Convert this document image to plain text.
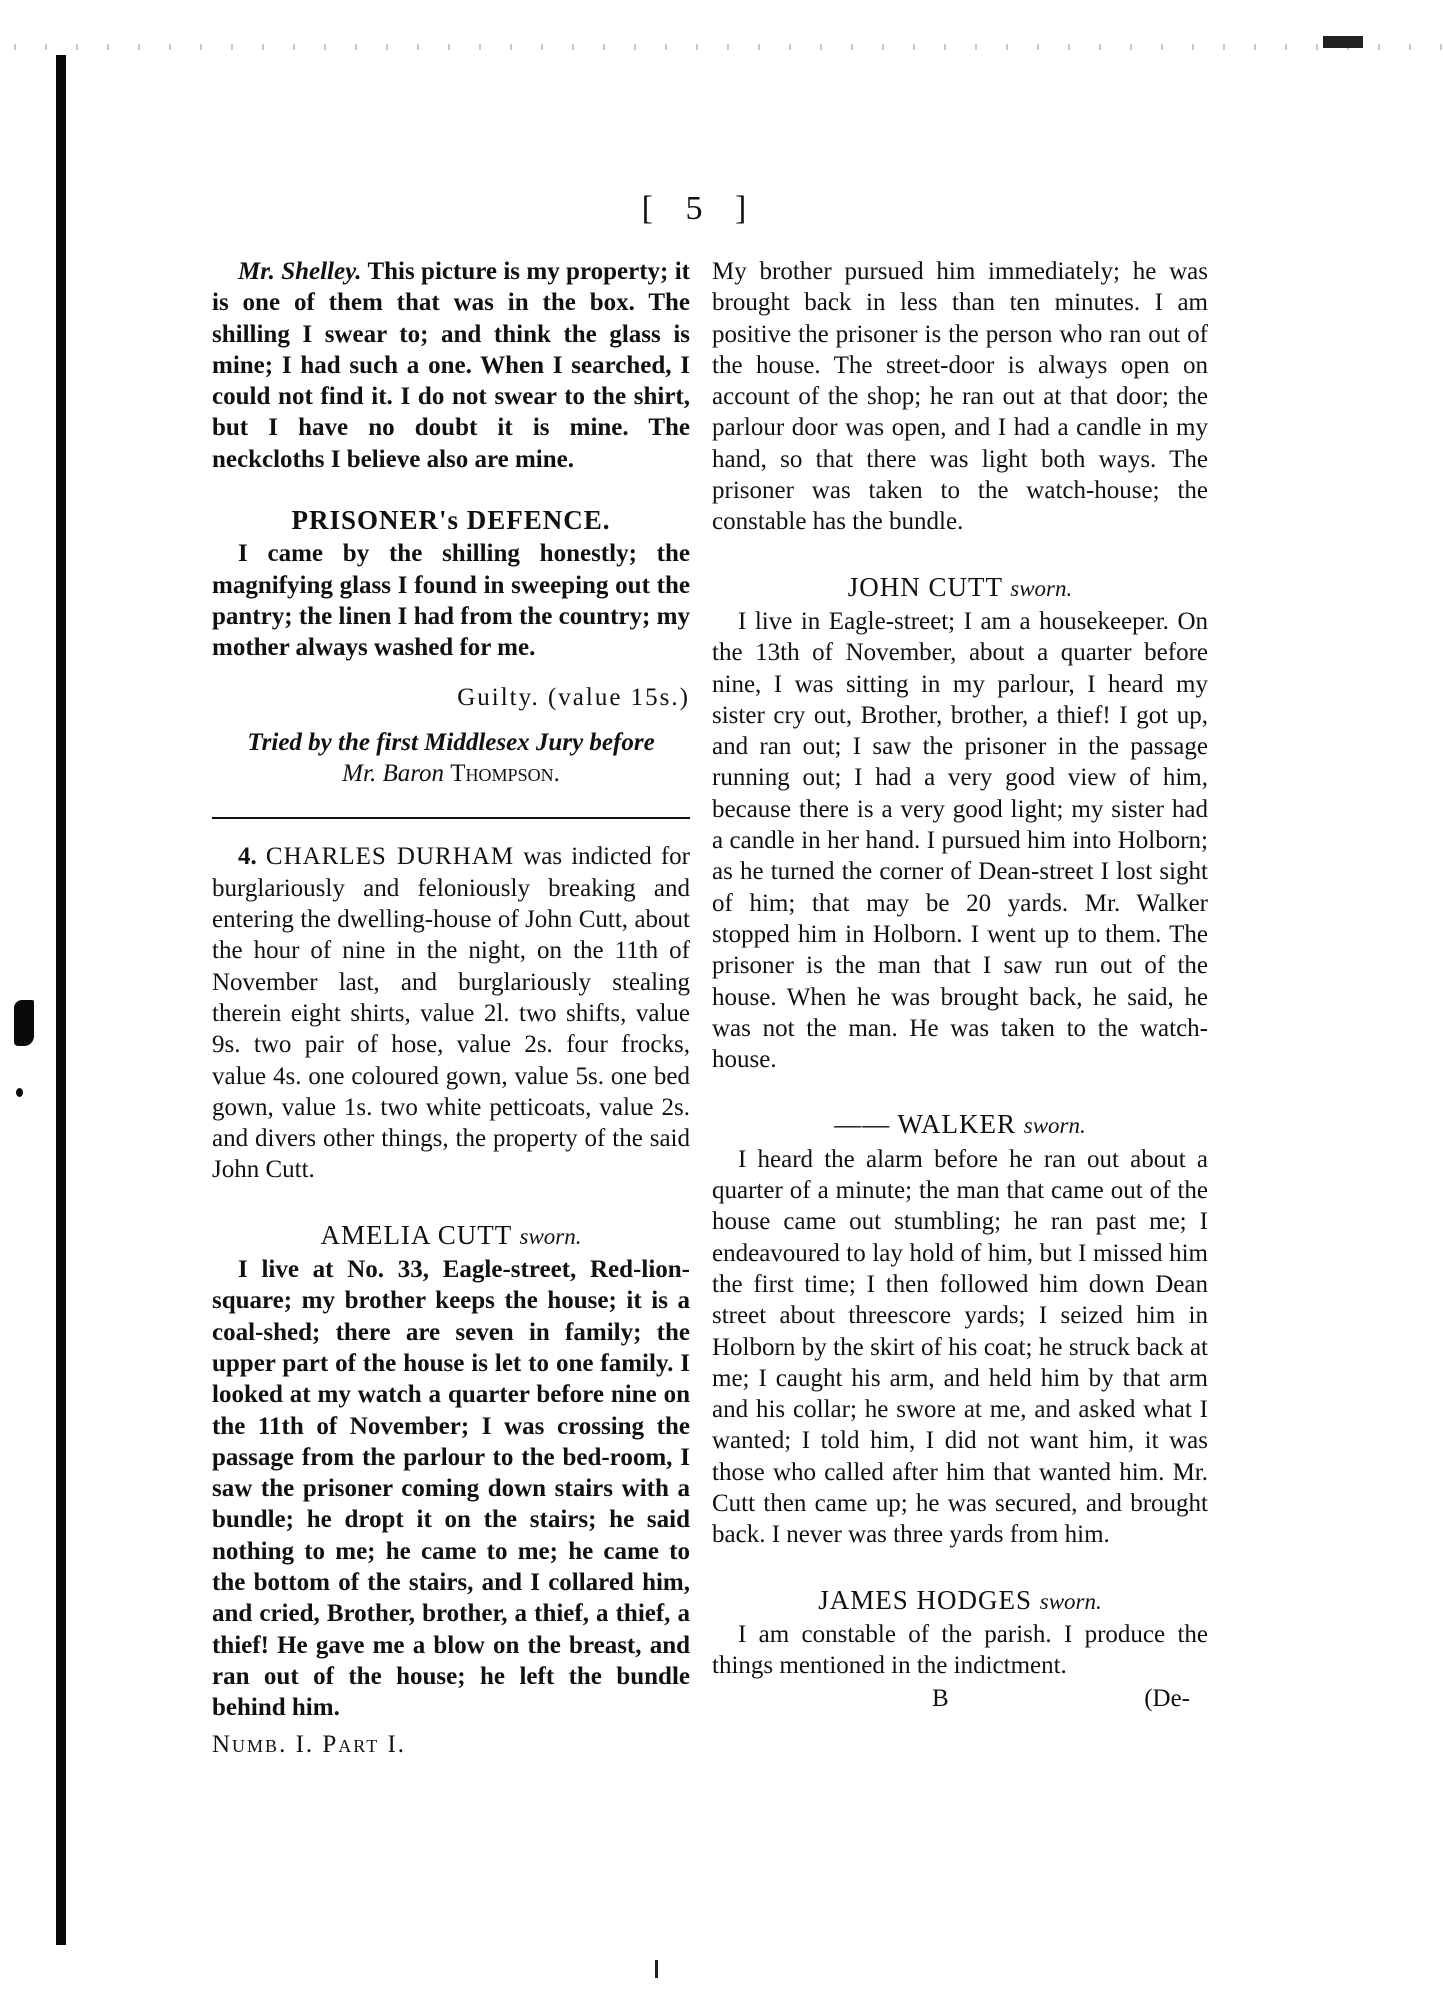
[ 5 ]

Mr. Shelley. This picture is my property; it is one of them that was in the box. The shilling I swear to; and think the glass is mine; I had such a one. When I searched, I could not find it. I do not swear to the shirt, but I have no doubt it is mine. The neckcloths I believe also are mine.

PRISONER's DEFENCE.

I came by the shilling honestly; the magnifying glass I found in sweeping out the pantry; the linen I had from the country; my mother always washed for me.

Guilty. (value 15s.)

Tried by the first Middlesex Jury before

Mr. Baron Thompson.

4. CHARLES DURHAM was indicted for burglariously and feloniously breaking and entering the dwelling-house of John Cutt, about the hour of nine in the night, on the 11th of November last, and burglariously stealing therein eight shirts, value 2l. two shifts, value 9s. two pair of hose, value 2s. four frocks, value 4s. one coloured gown, value 5s. one bed gown, value 1s. two white petticoats, value 2s. and divers other things, the property of the said John Cutt.

AMELIA CUTT sworn.

I live at No. 33, Eagle-street, Red-lion-square; my brother keeps the house; it is a coal-shed; there are seven in family; the upper part of the house is let to one family. I looked at my watch a quarter before nine on the 11th of November; I was crossing the passage from the parlour to the bed-room, I saw the prisoner coming down stairs with a bundle; he dropt it on the stairs; he said nothing to me; he came to me; he came to the bottom of the stairs, and I collared him, and cried, Brother, brother, a thief, a thief, a thief! He gave me a blow on the breast, and ran out of the house; he left the bundle behind him.

Numb. I. Part I.

My brother pursued him immediately; he was brought back in less than ten minutes. I am positive the prisoner is the person who ran out of the house. The street-door is always open on account of the shop; he ran out at that door; the parlour door was open, and I had a candle in my hand, so that there was light both ways. The prisoner was taken to the watch-house; the constable has the bundle.

JOHN CUTT sworn.

I live in Eagle-street; I am a housekeeper. On the 13th of November, about a quarter before nine, I was sitting in my parlour, I heard my sister cry out, Brother, brother, a thief! I got up, and ran out; I saw the prisoner in the passage running out; I had a very good view of him, because there is a very good light; my sister had a candle in her hand. I pursued him into Holborn; as he turned the corner of Dean-street I lost sight of him; that may be 20 yards. Mr. Walker stopped him in Holborn. I went up to them. The prisoner is the man that I saw run out of the house. When he was brought back, he said, he was not the man. He was taken to the watch-house.

—— WALKER sworn.

I heard the alarm before he ran out about a quarter of a minute; the man that came out of the house came out stumbling; he ran past me; I endeavoured to lay hold of him, but I missed him the first time; I then followed him down Dean street about threescore yards; I seized him in Holborn by the skirt of his coat; he struck back at me; I caught his arm, and held him by that arm and his collar; he swore at me, and asked what I wanted; I told him, I did not want him, it was those who called after him that wanted him. Mr. Cutt then came up; he was secured, and brought back. I never was three yards from him.

JAMES HODGES sworn.

I am constable of the parish. I produce the things mentioned in the indictment.

B	(De-
